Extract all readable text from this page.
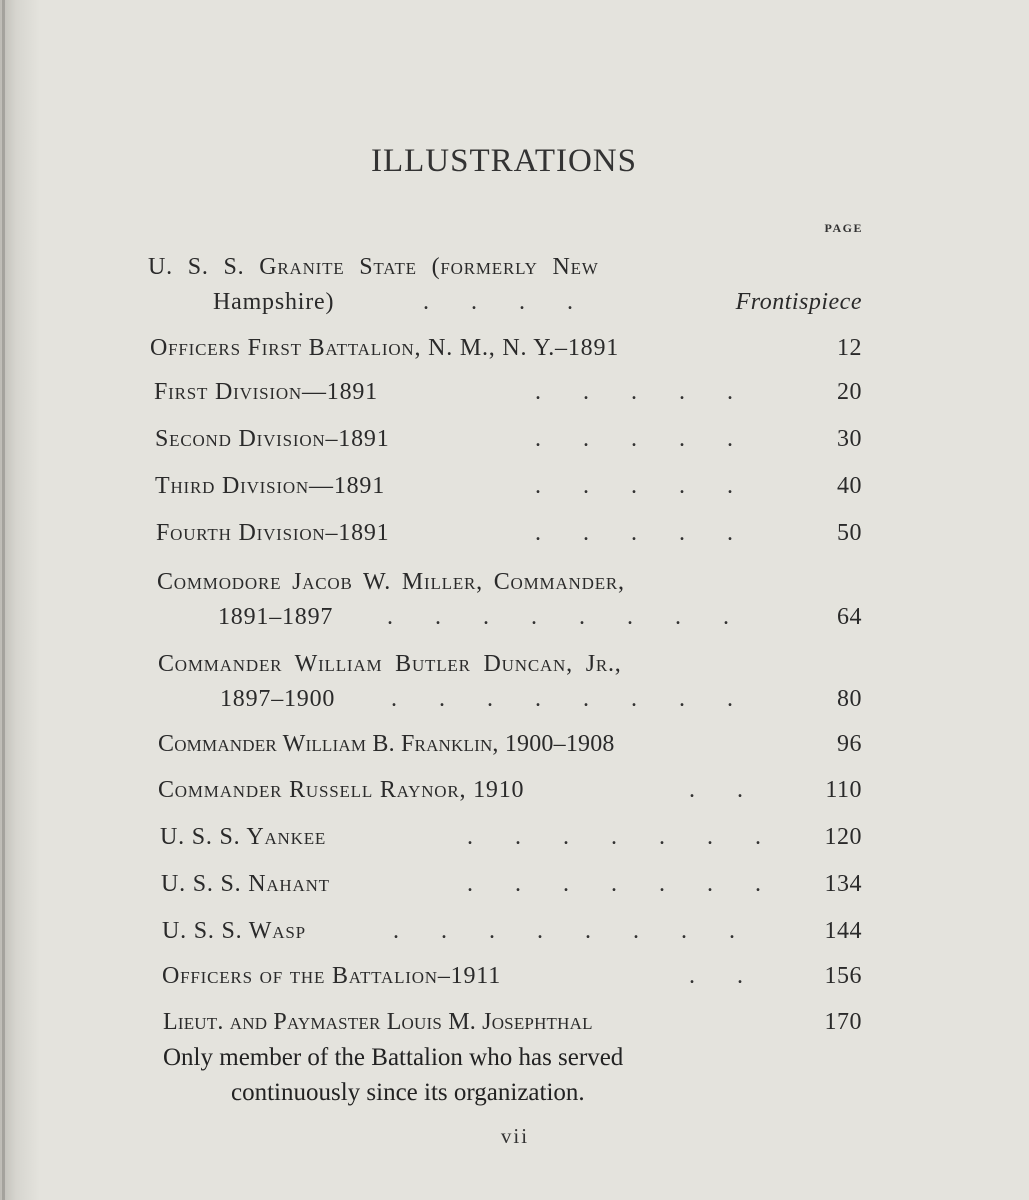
ILLUSTRATIONS
PAGE
U. S. S. Granite State (formerly New
Hampshire)	. . . .	Frontispiece
Officers First Battalion, N. M., N. Y.–1891	12
First Division—1891	. . . . .	20
Second Division–1891	. . . . .	30
Third Division—1891	. . . . .	40
Fourth Division–1891	. . . . .	50
Commodore Jacob W. Miller, Commander,
1891–1897	. . . . . . . .	64
Commander William Butler Duncan, Jr.,
1897–1900	. . . . . . . .	80
Commander William B. Franklin, 1900–1908	96
Commander Russell Raynor, 1910	. .	110
U. S. S. Yankee	. . . . . . .	120
U. S. S. Nahant	. . . . . . .	134
U. S. S. Wasp	. . . . . . . .	144
Officers of the Battalion–1911	. .	156
Lieut. and Paymaster Louis M. Josephthal	170
Only member of the Battalion who has served
continuously since its organization.
vii
